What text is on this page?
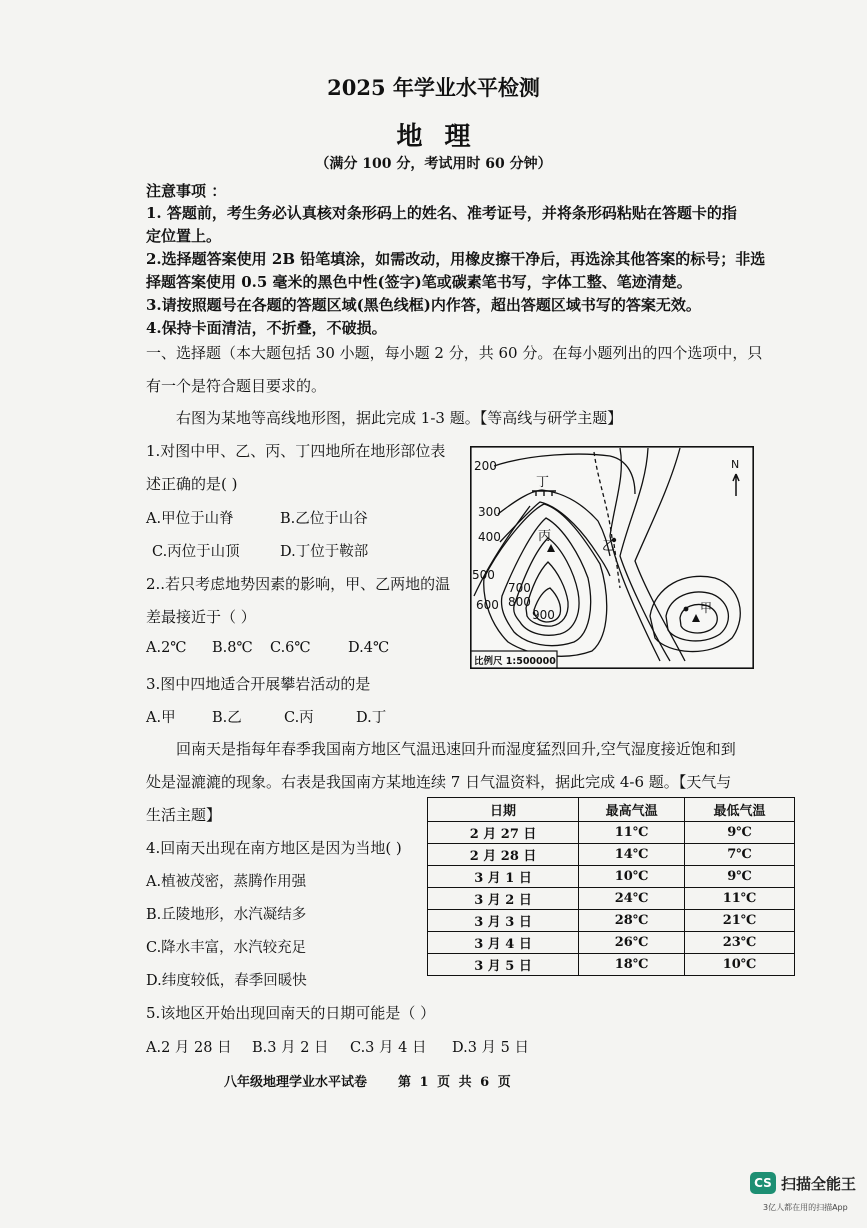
2025 年学业水平检测
地理
（满分 100 分，考试用时 60 分钟）
注意事项 ：
1. 答题前，考生务必认真核对条形码上的姓名、准考证号，并将条形码粘贴在答题卡的指
定位置上。
2.选择题答案使用 2B 铅笔填涂，如需改动，用橡皮擦干净后，再选涂其他答案的标号；非选
择题答案使用 0.5 毫米的黑色中性(签字)笔或碳素笔书写，字体工整、笔迹清楚。
3.请按照题号在各题的答题区域(黑色线框)内作答，超出答题区域书写的答案无效。
4.保持卡面清洁，不折叠，不破损。
一、选择题（本大题包括 30 小题，每小题 2 分，共 60 分。在每小题列出的四个选项中，只
有一个是符合题目要求的。
右图为某地等高线地形图，据此完成 1-3 题。【等高线与研学主题】
1.对图中甲、乙、丙、丁四地所在地形部位表
述正确的是( )
A.甲位于山脊	B.乙位于山谷
C.丙位于山顶	D.丁位于鞍部
2..若只考虑地势因素的影响，甲、乙两地的温
差最接近于（ ）
A.2℃ B.8℃ C.6℃	D.4℃
3.图中四地适合开展攀岩活动的是
A.甲	B.乙	C.丙	D.丁
200
300
400
500
600
700
800
900
丁
丙
乙
甲
N
比例尺 1:500000
回南天是指每年春季我国南方地区气温迅速回升而湿度猛烈回升,空气湿度接近饱和到
处是湿漉漉的现象。右表是我国南方某地连续 7 日气温资料，据此完成 4-6 题。【天气与
生活主题】
4.回南天出现在南方地区是因为当地( )
A.植被茂密，蒸腾作用强
B.丘陵地形，水汽凝结多
C.降水丰富，水汽较充足
D.纬度较低，春季回暖快
5.该地区开始出现回南天的日期可能是（ ）
A.2 月 28 日 B.3 月 2 日 C.3 月 4 日 D.3 月 5 日
日期	最高气温	最低气温
2 月 27 日	11℃	9℃
2 月 28 日	14℃	7℃
3 月 1 日	10℃	9℃
3 月 2 日	24℃	11℃
3 月 3 日	28℃	21℃
3 月 4 日	26℃	23℃
3 月 5 日	18℃	10℃
八年级地理学业水平试卷 第 1 页 共 6 页
CS 扫描全能王
3亿人都在用的扫描App
